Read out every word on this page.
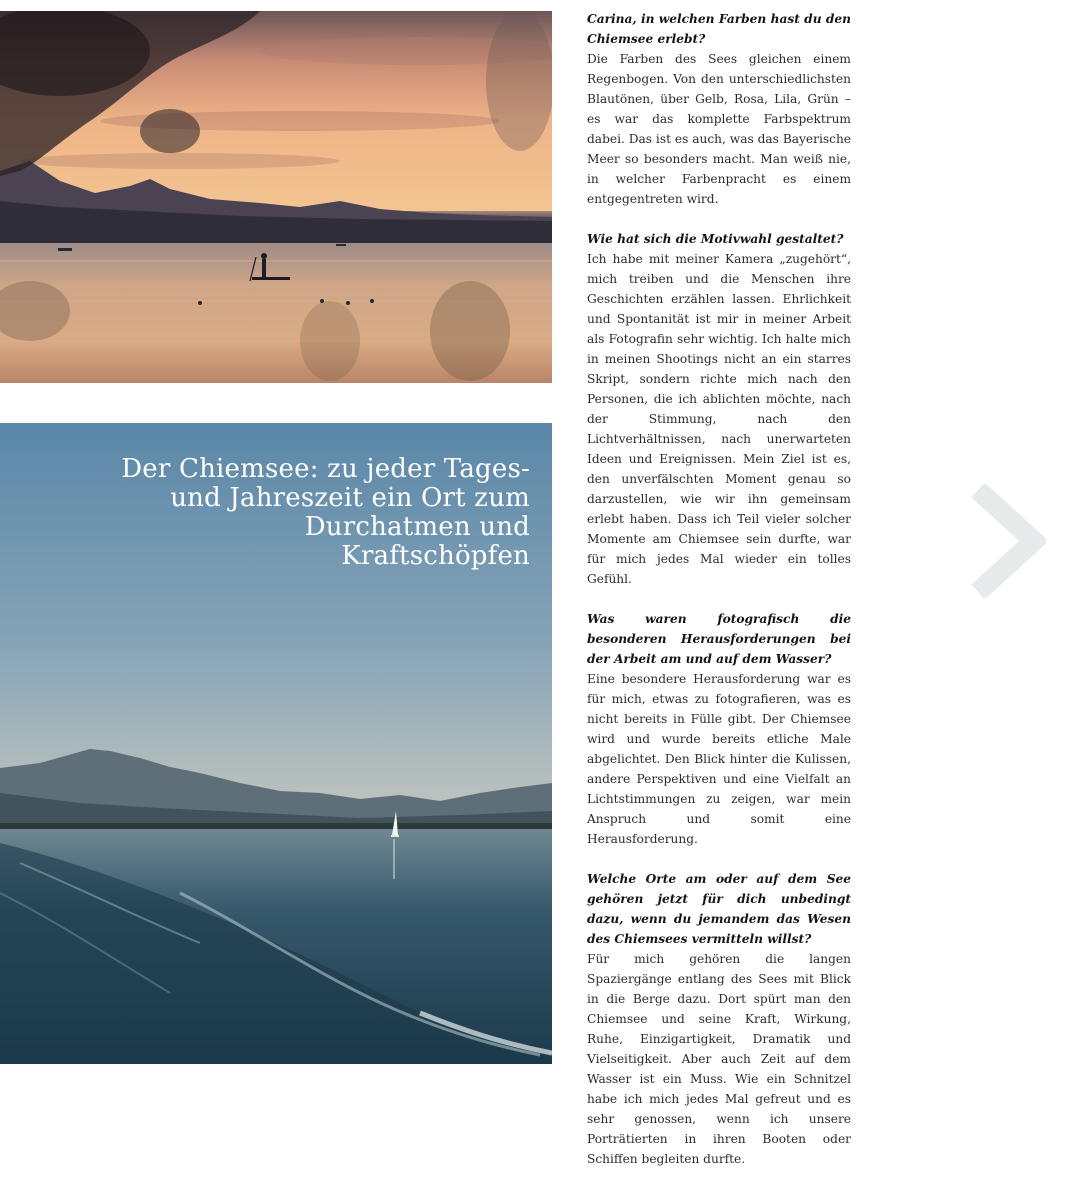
Der Chiemsee: zu jeder Tages- und Jahreszeit ein Ort zum Durchatmen und Kraftschöpfen

Carina, in welchen Farben hast du den Chiemsee erlebt?

Die Farben des Sees gleichen einem Regenbogen. Von den unterschiedlichsten Blautönen, über Gelb, Rosa, Lila, Grün – es war das komplette Farbspektrum dabei. Das ist es auch, was das Bayerische Meer so besonders macht. Man weiß nie, in welcher Farbenpracht es einem entgegentreten wird.

Wie hat sich die Motivwahl gestaltet?

Ich habe mit meiner Kamera „zugehört“, mich treiben und die Menschen ihre Geschichten erzählen lassen. Ehrlichkeit und Spontanität ist mir in meiner Arbeit als Fotografin sehr wichtig. Ich halte mich in meinen Shootings nicht an ein starres Skript, sondern richte mich nach den Personen, die ich ablichten möchte, nach der Stimmung, nach den Lichtverhältnissen, nach unerwarteten Ideen und Ereignissen. Mein Ziel ist es, den unverfälschten Moment genau so darzustellen, wie wir ihn gemeinsam erlebt haben. Dass ich Teil vieler solcher Momente am Chiemsee sein durfte, war für mich jedes Mal wieder ein tolles Gefühl.

Was waren fotografisch die besonderen Herausforderungen bei der Arbeit am und auf dem Wasser?

Eine besondere Herausforderung war es für mich, etwas zu fotografieren, was es nicht bereits in Fülle gibt. Der Chiemsee wird und wurde bereits etliche Male abgelichtet. Den Blick hinter die Kulissen, andere Perspektiven und eine Vielfalt an Lichtstimmungen zu zeigen, war mein Anspruch und somit eine Herausforderung.

Welche Orte am oder auf dem See gehören jetzt für dich unbedingt dazu, wenn du jemandem das Wesen des Chiemsees vermitteln willst?

Für mich gehören die langen Spaziergänge entlang des Sees mit Blick in die Berge dazu. Dort spürt man den Chiemsee und seine Kraft, Wirkung, Ruhe, Einzigartigkeit, Dramatik und Vielseitigkeit. Aber auch Zeit auf dem Wasser ist ein Muss. Wie ein Schnitzel habe ich mich jedes Mal gefreut und es sehr genossen, wenn ich unsere Porträtierten in ihren Booten oder Schiffen begleiten durfte.
